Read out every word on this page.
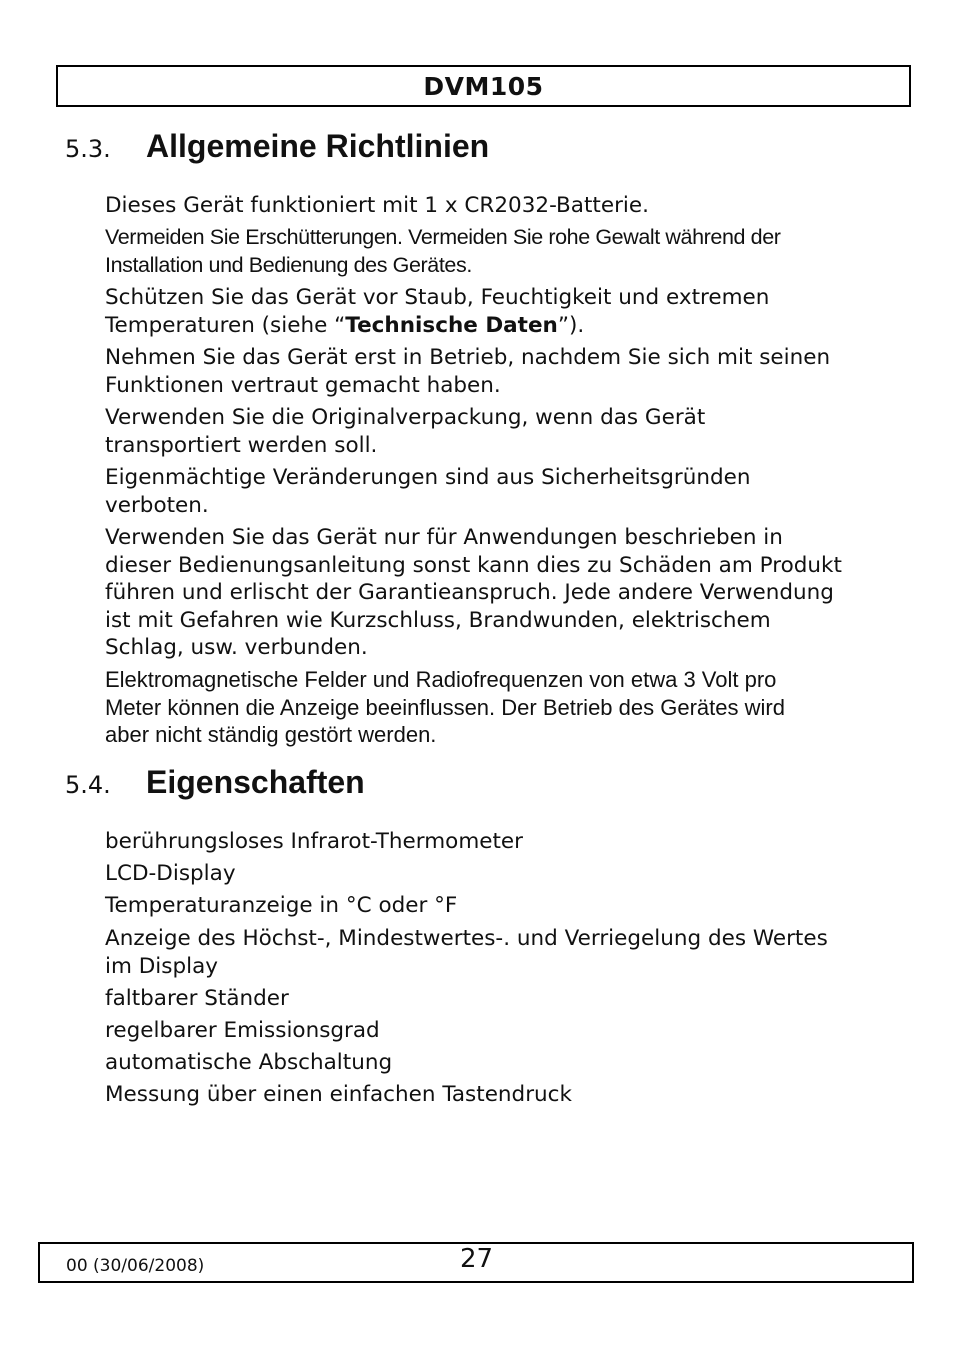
DVM105
5.3.	Allgemeine Richtlinien

Dieses Gerät funktioniert mit 1 x CR2032-Batterie.

Vermeiden Sie Erschütterungen. Vermeiden Sie rohe Gewalt während der
Installation und Bedienung des Gerätes.

Schützen Sie das Gerät vor Staub, Feuchtigkeit und extremen
Temperaturen (siehe “Technische Daten”).

Nehmen Sie das Gerät erst in Betrieb, nachdem Sie sich mit seinen
Funktionen vertraut gemacht haben.

Verwenden Sie die Originalverpackung, wenn das Gerät
transportiert werden soll.

Eigenmächtige Veränderungen sind aus Sicherheitsgründen
verboten.

Verwenden Sie das Gerät nur für Anwendungen beschrieben in
dieser Bedienungsanleitung sonst kann dies zu Schäden am Produkt
führen und erlischt der Garantieanspruch. Jede andere Verwendung
ist mit Gefahren wie Kurzschluss, Brandwunden, elektrischem
Schlag, usw. verbunden.

Elektromagnetische Felder und Radiofrequenzen von etwa 3 Volt pro
Meter können die Anzeige beeinflussen. Der Betrieb des Gerätes wird
aber nicht ständig gestört werden.

5.4.	Eigenschaften

berührungsloses Infrarot-Thermometer

LCD-Display

Temperaturanzeige in °C oder °F

Anzeige des Höchst-, Mindestwertes-. und Verriegelung des Wertes
im Display

faltbarer Ständer

regelbarer Emissionsgrad

automatische Abschaltung

Messung über einen einfachen Tastendruck

00 (30/06/2008)	27
